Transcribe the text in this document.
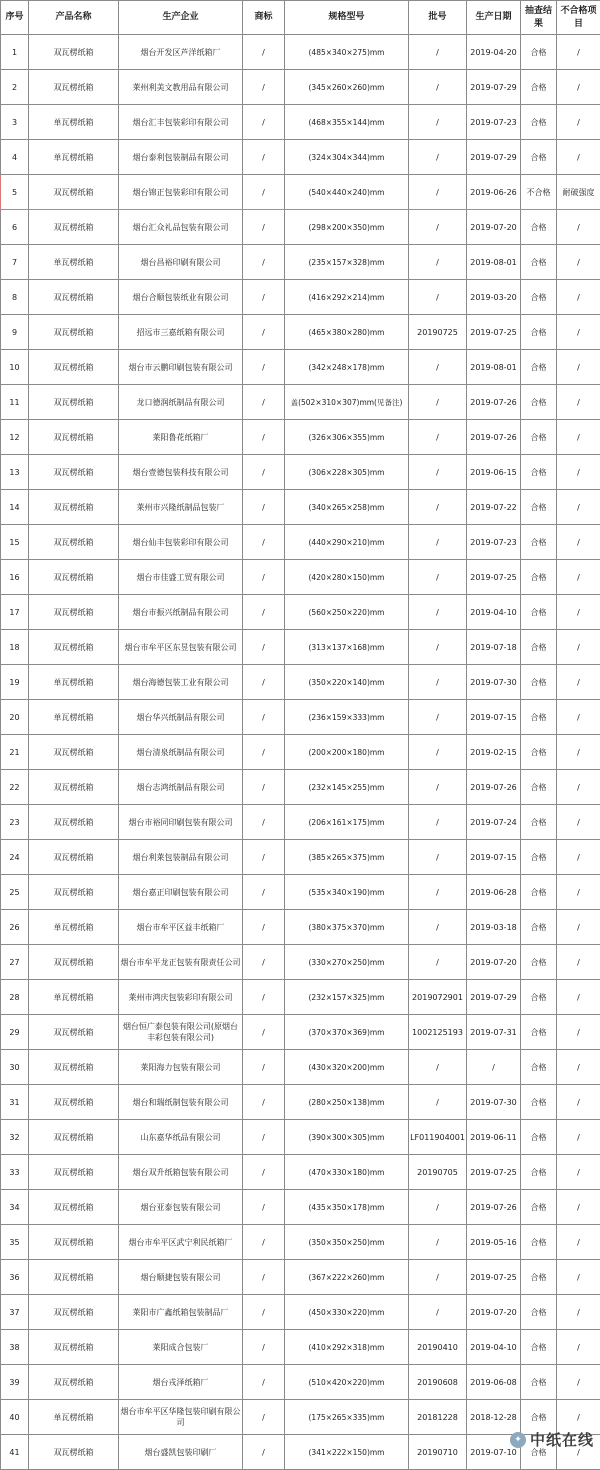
序号	产品名称	生产企业	商标	规格型号	批号	生产日期	抽查结果	不合格项目
1	双瓦楞纸箱	烟台开发区芦洋纸箱厂	/	(485×340×275)mm	/	2019-04-20	合格	/
2	双瓦楞纸箱	莱州利美文教用品有限公司	/	(345×260×260)mm	/	2019-07-29	合格	/
3	单瓦楞纸箱	烟台汇丰包装彩印有限公司	/	(468×355×144)mm	/	2019-07-23	合格	/
4	单瓦楞纸箱	烟台泰利包装制品有限公司	/	(324×304×344)mm	/	2019-07-29	合格	/
5	双瓦楞纸箱	烟台锦正包装彩印有限公司	/	(540×440×240)mm	/	2019-06-26	不合格	耐破强度
6	双瓦楞纸箱	烟台汇众礼品包装有限公司	/	(298×200×350)mm	/	2019-07-20	合格	/
7	单瓦楞纸箱	烟台昌裕印刷有限公司	/	(235×157×328)mm	/	2019-08-01	合格	/
8	双瓦楞纸箱	烟台合顺包装纸业有限公司	/	(416×292×214)mm	/	2019-03-20	合格	/
9	双瓦楞纸箱	招远市三嘉纸箱有限公司	/	(465×380×280)mm	20190725	2019-07-25	合格	/
10	双瓦楞纸箱	烟台市云鹏印刷包装有限公司	/	(342×248×178)mm	/	2019-08-01	合格	/
11	双瓦楞纸箱	龙口德润纸制品有限公司	/	盖(502×310×307)mm(见备注)	/	2019-07-26	合格	/
12	双瓦楞纸箱	莱阳鲁花纸箱厂	/	(326×306×355)mm	/	2019-07-26	合格	/
13	双瓦楞纸箱	烟台壹德包装科技有限公司	/	(306×228×305)mm	/	2019-06-15	合格	/
14	双瓦楞纸箱	莱州市兴隆纸制品包装厂	/	(340×265×258)mm	/	2019-07-22	合格	/
15	双瓦楞纸箱	烟台仙丰包装彩印有限公司	/	(440×290×210)mm	/	2019-07-23	合格	/
16	双瓦楞纸箱	烟台市佳盛工贸有限公司	/	(420×280×150)mm	/	2019-07-25	合格	/
17	双瓦楞纸箱	烟台市振兴纸制品有限公司	/	(560×250×220)mm	/	2019-04-10	合格	/
18	双瓦楞纸箱	烟台市牟平区东昱包装有限公司	/	(313×137×168)mm	/	2019-07-18	合格	/
19	单瓦楞纸箱	烟台海德包装工业有限公司	/	(350×220×140)mm	/	2019-07-30	合格	/
20	单瓦楞纸箱	烟台华兴纸制品有限公司	/	(236×159×333)mm	/	2019-07-15	合格	/
21	双瓦楞纸箱	烟台清泉纸制品有限公司	/	(200×200×180)mm	/	2019-02-15	合格	/
22	双瓦楞纸箱	烟台志鸿纸制品有限公司	/	(232×145×255)mm	/	2019-07-26	合格	/
23	双瓦楞纸箱	烟台市裕同印刷包装有限公司	/	(206×161×175)mm	/	2019-07-24	合格	/
24	双瓦楞纸箱	烟台利莱包装制品有限公司	/	(385×265×375)mm	/	2019-07-15	合格	/
25	双瓦楞纸箱	烟台嘉正印刷包装有限公司	/	(535×340×190)mm	/	2019-06-28	合格	/
26	单瓦楞纸箱	烟台市牟平区益丰纸箱厂	/	(380×375×370)mm	/	2019-03-18	合格	/
27	双瓦楞纸箱	烟台市牟平龙正包装有限责任公司	/	(330×270×250)mm	/	2019-07-20	合格	/
28	单瓦楞纸箱	莱州市鸿庆包装彩印有限公司	/	(232×157×325)mm	2019072901	2019-07-29	合格	/
29	双瓦楞纸箱	烟台恒广泰包装有限公司(原烟台丰彩包装有限公司)	/	(370×370×369)mm	1002125193	2019-07-31	合格	/
30	双瓦楞纸箱	莱阳海力包装有限公司	/	(430×320×200)mm	/	/	合格	/
31	双瓦楞纸箱	烟台和瑞纸制包装有限公司	/	(280×250×138)mm	/	2019-07-30	合格	/
32	双瓦楞纸箱	山东嘉华纸品有限公司	/	(390×300×305)mm	LF011904001	2019-06-11	合格	/
33	双瓦楞纸箱	烟台双升纸箱包装有限公司	/	(470×330×180)mm	20190705	2019-07-25	合格	/
34	双瓦楞纸箱	烟台亚泰包装有限公司	/	(435×350×178)mm	/	2019-07-26	合格	/
35	双瓦楞纸箱	烟台市牟平区武宁利民纸箱厂	/	(350×350×250)mm	/	2019-05-16	合格	/
36	双瓦楞纸箱	烟台顺捷包装有限公司	/	(367×222×260)mm	/	2019-07-25	合格	/
37	双瓦楞纸箱	莱阳市广鑫纸箱包装制品厂	/	(450×330×220)mm	/	2019-07-20	合格	/
38	双瓦楞纸箱	莱阳成合包装厂	/	(410×292×318)mm	20190410	2019-04-10	合格	/
39	双瓦楞纸箱	烟台戎泽纸箱厂	/	(510×420×220)mm	20190608	2019-06-08	合格	/
40	单瓦楞纸箱	烟台市牟平区华隆包装印刷有限公司	/	(175×265×335)mm	20181228	2018-12-28	合格	/
41	双瓦楞纸箱	烟台盛凯包装印刷厂	/	(341×222×150)mm	20190710	2019-07-10	合格	/
✦ 中纸在线
